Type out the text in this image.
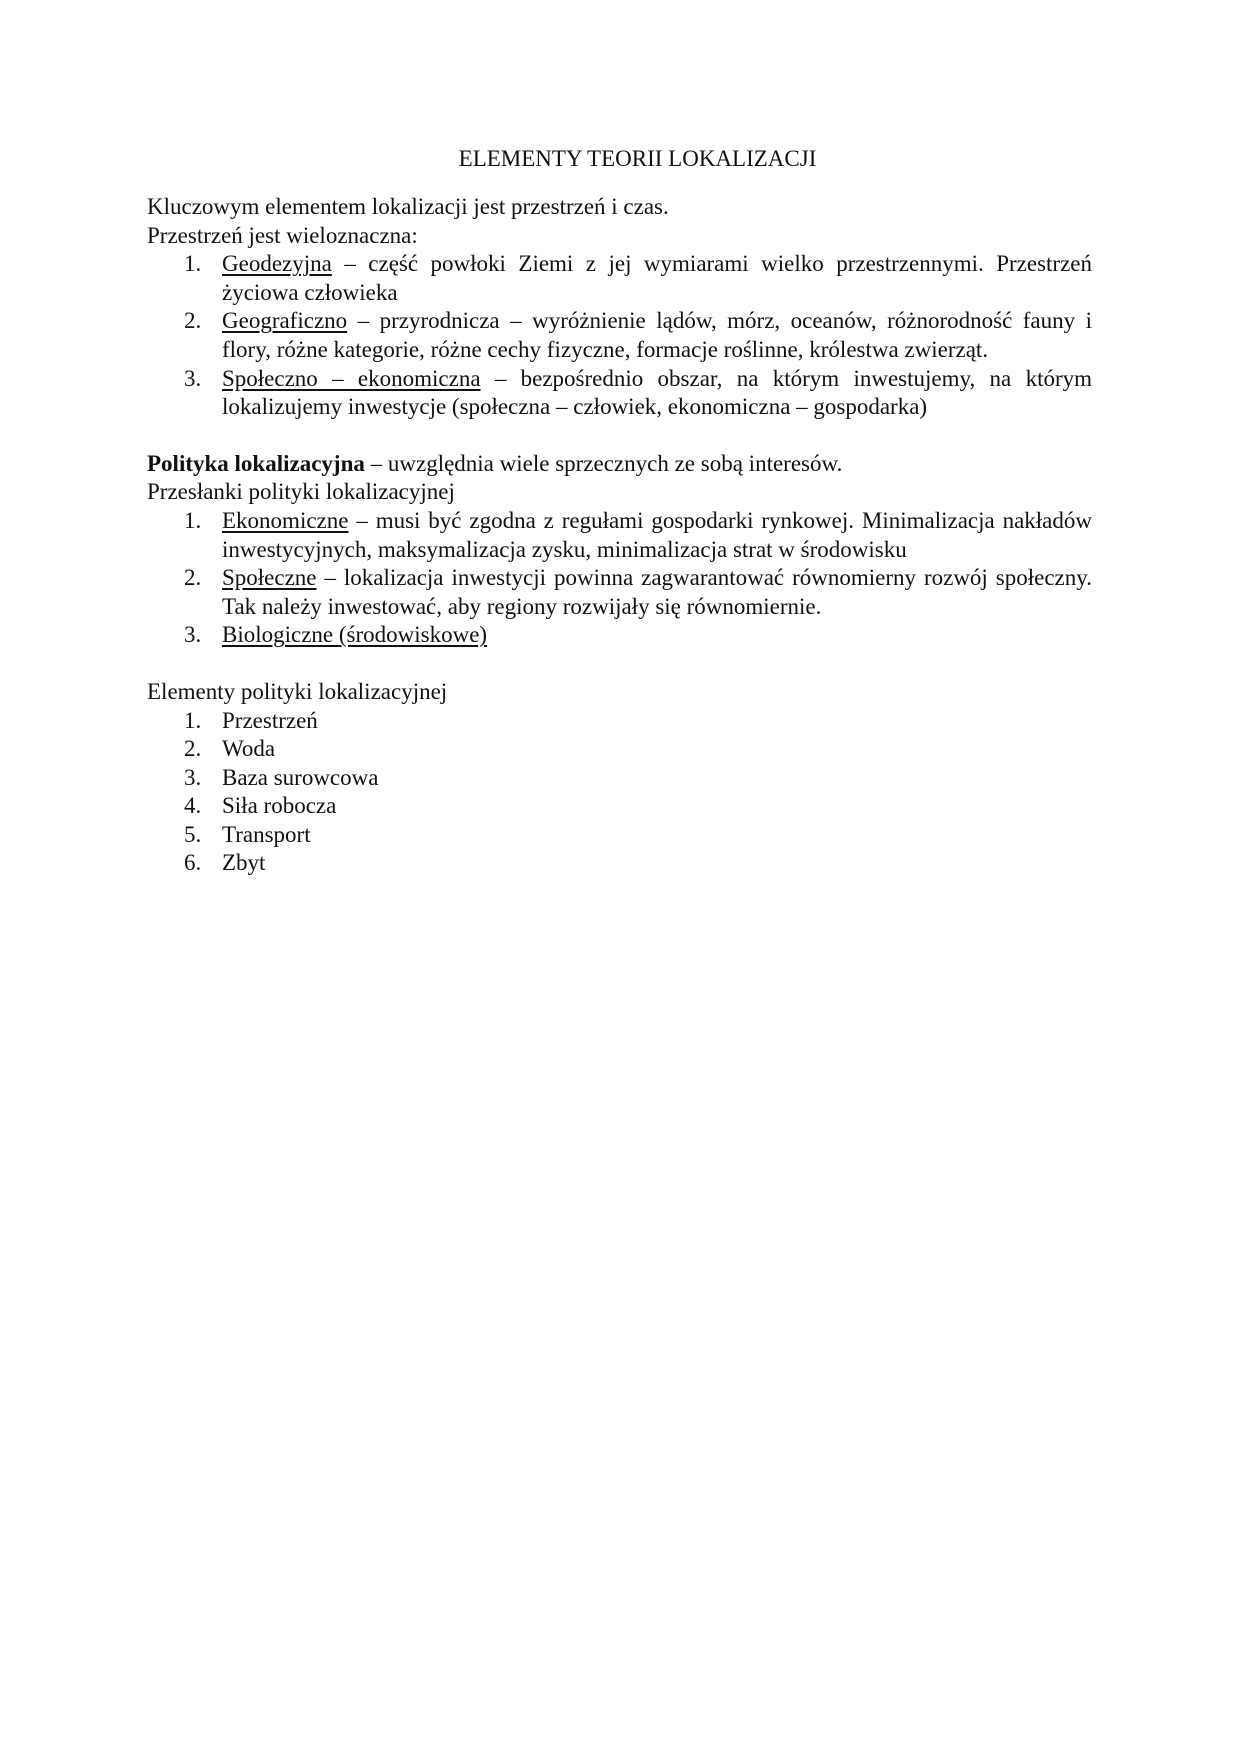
ELEMENTY TEORII LOKALIZACJI

Kluczowym elementem lokalizacji jest przestrzeń i czas.

Przestrzeń jest wieloznaczna:

1. Geodezyjna – część powłoki Ziemi z jej wymiarami wielko przestrzennymi. Przestrzeń życiowa człowieka
2. Geograficzno – przyrodnicza – wyróżnienie lądów, mórz, oceanów, różnorodność fauny i flory, różne kategorie, różne cechy fizyczne, formacje roślinne, królestwa zwierząt.
3. Społeczno – ekonomiczna – bezpośrednio obszar, na którym inwestujemy, na którym lokalizujemy inwestycje (społeczna – człowiek, ekonomiczna – gospodarka)

Polityka lokalizacyjna – uwzględnia wiele sprzecznych ze sobą interesów.

Przesłanki polityki lokalizacyjnej

1. Ekonomiczne – musi być zgodna z regułami gospodarki rynkowej. Minimalizacja nakładów inwestycyjnych, maksymalizacja zysku, minimalizacja strat w środowisku
2. Społeczne – lokalizacja inwestycji powinna zagwarantować równomierny rozwój społeczny. Tak należy inwestować, aby regiony rozwijały się równomiernie.
3. Biologiczne (środowiskowe)

Elementy polityki lokalizacyjnej

1. Przestrzeń
2. Woda
3. Baza surowcowa
4. Siła robocza
5. Transport
6. Zbyt
